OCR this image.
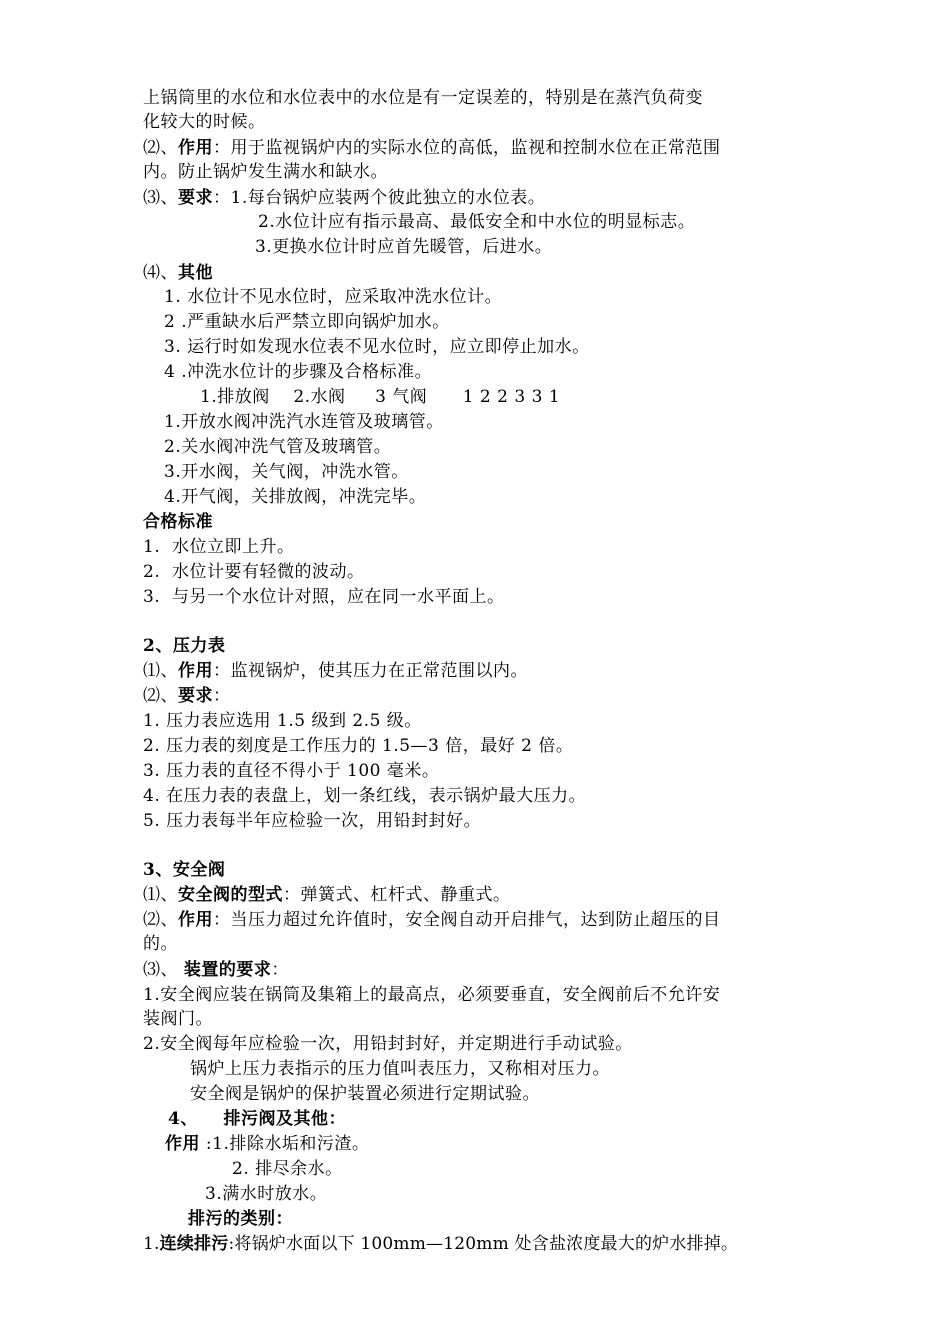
上锅筒里的水位和水位表中的水位是有一定误差的，特别是在蒸汽负荷变
化较大的时候。
⑵、作用：用于监视锅炉内的实际水位的高低，监视和控制水位在正常范围
内。防止锅炉发生满水和缺水。
⑶、要求：1.每台锅炉应装两个彼此独立的水位表。
2.水位计应有指示最高、最低安全和中水位的明显标志。
3.更换水位计时应首先暖管，后进水。
⑷、其他
1. 水位计不见水位时，应采取冲洗水位计。
2 .严重缺水后严禁立即向锅炉加水。
3. 运行时如发现水位表不见水位时，应立即停止加水。
4 .冲洗水位计的步骤及合格标准。
1.排放阀    2.水阀     3 气阀      1 2 2 3 3 1
1.开放水阀冲洗汽水连管及玻璃管。
2.关水阀冲洗气管及玻璃管。
3.开水阀，关气阀，冲洗水管。
4.开气阀，关排放阀，冲洗完毕。
合格标准
1.  水位立即上升。
2.  水位计要有轻微的波动。
3.  与另一个水位计对照，应在同一水平面上。
2、压力表
⑴、作用：监视锅炉，使其压力在正常范围以内。
⑵、要求：
1. 压力表应选用 1.5 级到 2.5 级。
2. 压力表的刻度是工作压力的 1.5—3 倍，最好 2 倍。
3. 压力表的直径不得小于 100 毫米。
4. 在压力表的表盘上，划一条红线，表示锅炉最大压力。
5. 压力表每半年应检验一次，用铅封封好。
3、安全阀
⑴、安全阀的型式：弹簧式、杠杆式、静重式。
⑵、作用：当压力超过允许值时，安全阀自动开启排气，达到防止超压的目
的。
⑶、 装置的要求：
1.安全阀应装在锅筒及集箱上的最高点，必须要垂直，安全阀前后不允许安
装阀门。
2.安全阀每年应检验一次，用铅封封好，并定期进行手动试验。
锅炉上压力表指示的压力值叫表压力，又称相对压力。
安全阀是锅炉的保护装置必须进行定期试验。
4、    排污阀及其他：
作用 :1.排除水垢和污渣。
2. 排尽余水。
3.满水时放水。
排污的类别：
1.连续排污:将锅炉水面以下 100mm—120mm 处含盐浓度最大的炉水排掉。
